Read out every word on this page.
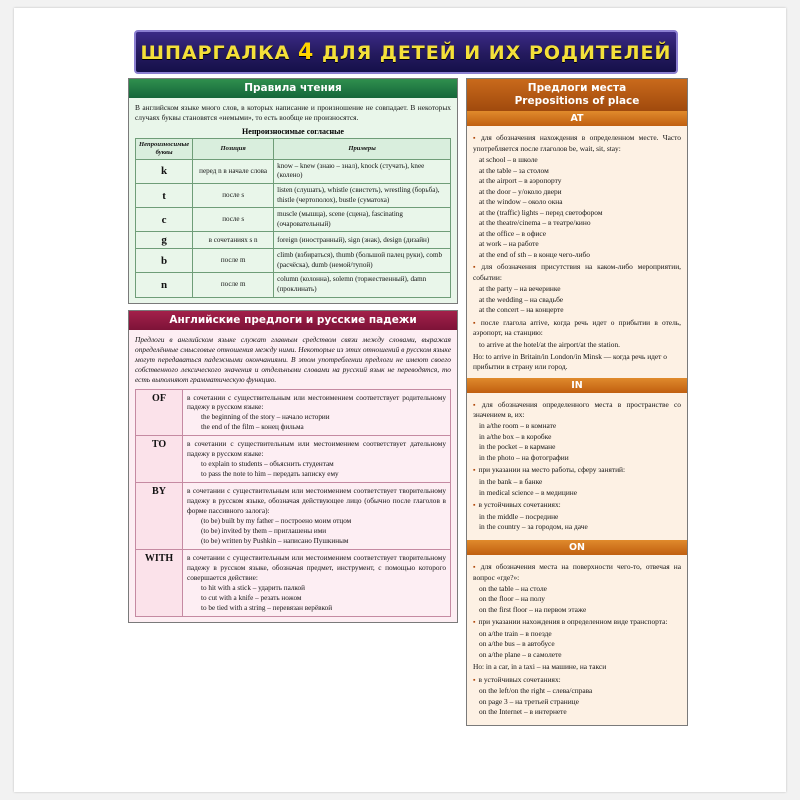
ШПАРГАЛКА 4 ДЛЯ ДЕТЕЙ И ИХ РОДИТЕЛЕЙ
Правила чтения

В английском языке много слов, в которых написание и произношение не совпадает. В некоторых случаях буквы становятся «немыми», то есть вообще не произносятся.

Непроизносимые согласные
Непроизносимые буквы	Позиция	Примеры
k	перед n в начале слова	know – knew (знаю – знал), knock (стучать), knee (колено)
t	после s	listen (слушать), whistle (свистеть), wrestling (борьба), thistle (чертополох), bustle (суматоха)
c	после s	muscle (мышца), scene (сцена), fascinating (очаровательный)
g	в сочетаниях s n	foreign (иностранный), sign (знак), design (дизайн)
b	после m	climb (взбираться), thumb (большой палец руки), comb (расчёска), dumb (немой/тупой)
n	после m	column (колонна), solemn (торжественный), damn (проклинать)
Английские предлоги и русские падежи

Предлоги в английском языке служат главным средством связи между словами, выражая определённые смысловые отношения между ними. Некоторые из этих отношений в русском языке могут передаваться падежными окончаниями. В этом употреблении предлоги не имеют своего собственного лексического значения и отдельными словами на русский язык не переводятся, то есть выполняют грамматическую функцию.

OF	в сочетании с существительным или местоимением соответствует родительному падежу в русском языке:
the beginning of the story – начало истории
the end of the film – конец фильма

TO	в сочетании с существительным или местоимением соответствует дательному падежу в русском языке:
to explain to students – объяснить студентам
to pass the note to him – передать записку ему

BY	в сочетании с существительным или местоимением соответствует творительному падежу в русском языке, обозначая действующее лицо (обычно после глаголов в форме пассивного залога):
(to be) built by my father – построено моим отцом
(to be) invited by them – приглашены ими
(to be) written by Pushkin – написано Пушкиным

WITH	в сочетании с существительным или местоимением соответствует творительному падежу в русском языке, обозначая предмет, инструмент, с помощью которого совершается действие:
to hit with a stick – ударить палкой
to cut with a knife – резать ножом
to be tied with a string – перевязан верёвкой
Предлоги места
Prepositions of place
AT
▪ для обозначения нахождения в определенном месте. Часто употребляется после глаголов be, wait, sit, stay:
at school – в школе
at the table – за столом
at the airport – в аэропорту
at the door – у/около двери
at the window – около окна
at the (traffic) lights – перед светофором
at the theatre/cinema – в театре/кино
at the office – в офисе
at work – на работе
at the end of sth – в конце чего-либо
▪ для обозначения присутствия на каком-либо мероприятии, событии:
at the party – на вечеринке
at the wedding – на свадьбе
at the concert – на концерте
▪ после глагола arrive, когда речь идет о прибытии в отель, аэропорт, на станцию:
to arrive at the hotel/at the airport/at the station.
Но: to arrive in Britain/in London/in Minsk — когда речь идет о прибытии в страну или город.
IN
▪ для обозначения определенного места в пространстве со значением в, их:
in a/the room – в комнате
in a/the box – в коробке
in the pocket – в кармане
in the photo – на фотографии
▪ при указании на место работы, сферу занятий:
in the bank – в банке
in medical science – в медицине
▪ в устойчивых сочетаниях:
in the middle – посредине
in the country – за городом, на даче
ON
▪ для обозначения места на поверхности чего-то, отвечая на вопрос «где?»:
on the table – на столе
on the floor – на полу
on the first floor – на первом этаже
▪ при указании нахождения в определенном виде транспорта:
on a/the train – в поезде
on a/the bus – в автобусе
on a/the plane – в самолете
Но: in a car, in a taxi – на машине, на такси
▪ в устойчивых сочетаниях:
on the left/on the right – слева/справа
on page 3 – на третьей странице
on the Internet – в интернете
